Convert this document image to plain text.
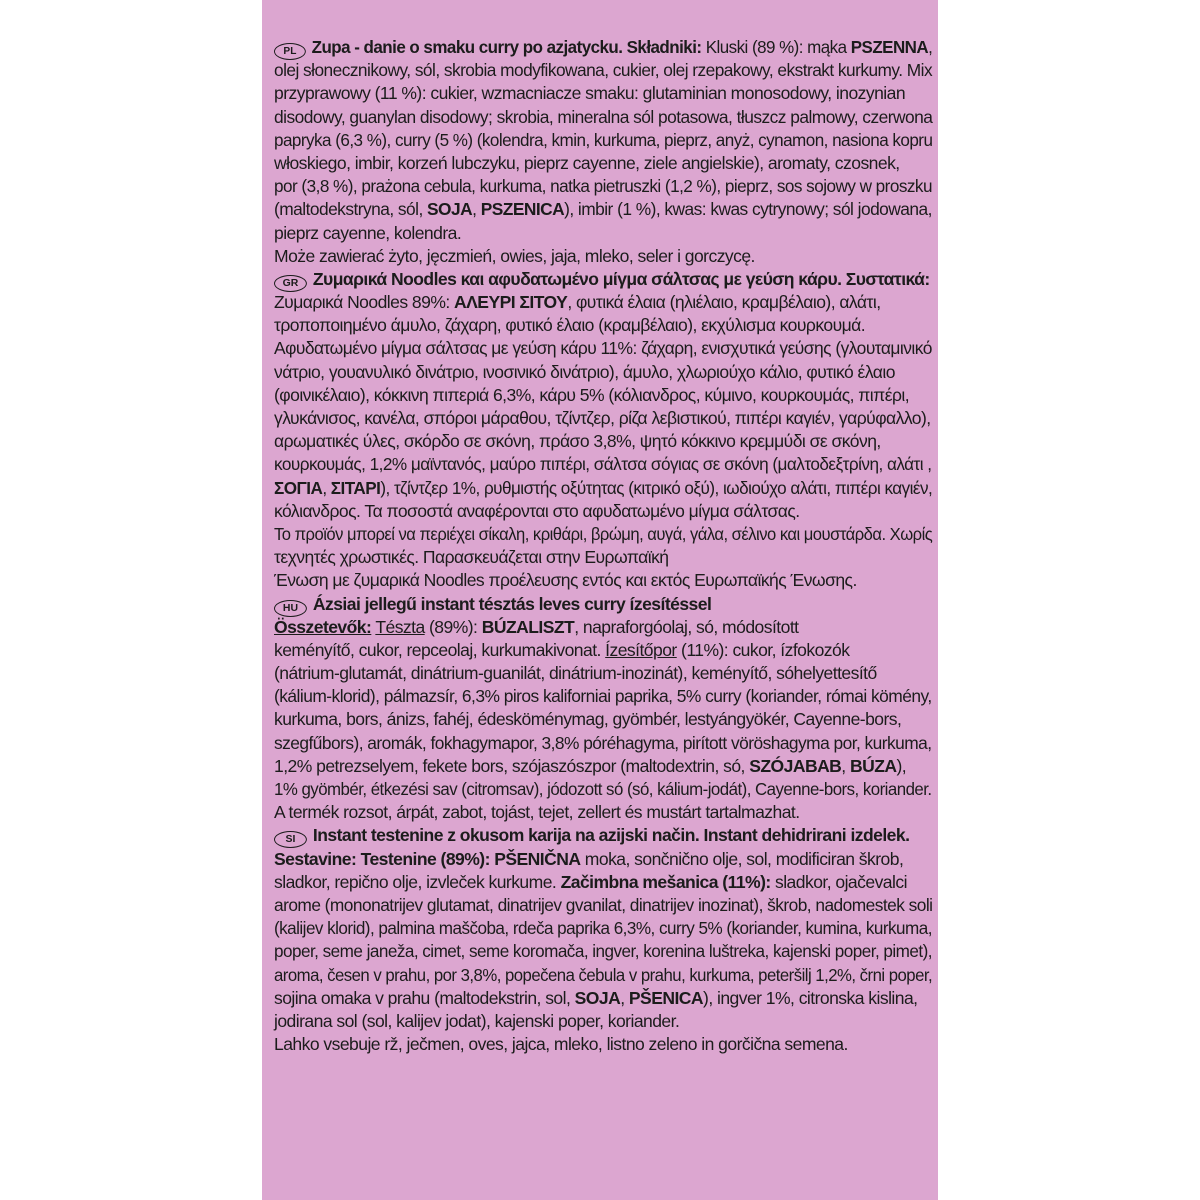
PL Zupa - danie o smaku curry po azjatycku. Składniki: Kluski (89 %): mąka PSZENNA,
olej słonecznikowy, sól, skrobia modyfikowana, cukier, olej rzepakowy, ekstrakt kurkumy. Mix
przyprawowy (11 %): cukier, wzmacniacze smaku: glutaminian monosodowy, inozynian
disodowy, guanylan disodowy; skrobia, mineralna sól potasowa, tłuszcz palmowy, czerwona
papryka (6,3 %), curry (5 %) (kolendra, kmin, kurkuma, pieprz, anyż, cynamon, nasiona kopru
włoskiego, imbir, korzeń lubczyku, pieprz cayenne, ziele angielskie), aromaty, czosnek,
por (3,8 %), prażona cebula, kurkuma, natka pietruszki (1,2 %), pieprz, sos sojowy w proszku
(maltodekstryna, sól, SOJA, PSZENICA), imbir (1 %), kwas: kwas cytrynowy; sól jodowana,
pieprz cayenne, kolendra.
Może zawierać żyto, jęczmień, owies, jaja, mleko, seler i gorczycę.
GR Ζυμαρικά Noodles και αφυδατωμένο μίγμα σάλτσας με γεύση κάρυ. Συστατικά:
Ζυμαρικά Noodles 89%: ΑΛΕΥΡΙ ΣΙΤΟΥ, φυτικά έλαια (ηλιέλαιο, κραμβέλαιο), αλάτι,
τροποποιημένο άμυλο, ζάχαρη, φυτικό έλαιο (κραμβέλαιο), εκχύλισμα κουρκουμά.
Αφυδατωμένο μίγμα σάλτσας με γεύση κάρυ 11%: ζάχαρη, ενισχυτικά γεύσης (γλουταμινικό
νάτριο, γουανυλικό δινάτριο, ινοσινικό δινάτριο), άμυλο, χλωριούχο κάλιο, φυτικό έλαιο
(φοινικέλαιο), κόκκινη πιπεριά 6,3%, κάρυ 5% (κόλιανδρος, κύμινο, κουρκουμάς, πιπέρι,
γλυκάνισος, κανέλα, σπόροι μάραθου, τζίντζερ, ρίζα λεβιστικού, πιπέρι καγιέν, γαρύφαλλο),
αρωματικές ύλες, σκόρδο σε σκόνη, πράσο 3,8%, ψητό κόκκινο κρεμμύδι σε σκόνη,
κουρκουμάς, 1,2% μαϊντανός, μαύρο πιπέρι, σάλτσα σόγιας σε σκόνη (μαλτοδεξτρίνη, αλάτι ,
ΣΟΓΙΑ, ΣΙΤΑΡΙ), τζίντζερ 1%, ρυθμιστής οξύτητας (κιτρικό οξύ), ιωδιούχο αλάτι, πιπέρι καγιέν,
κόλιανδρος. Τα ποσοστά αναφέρονται στο αφυδατωμένο μίγμα σάλτσας.
Το προϊόν μπορεί να περιέχει σίκαλη, κριθάρι, βρώμη, αυγά, γάλα, σέλινο και μουστάρδα. Χωρίς
τεχνητές χρωστικές. Παρασκευάζεται στην Ευρωπαϊκή
Ένωση με ζυμαρικά Noodles προέλευσης εντός και εκτός Ευρωπαϊκής Ένωσης.
HU Ázsiai jellegű instant tésztás leves curry ízesítéssel
Összetevők: Tészta (89%): BÚZALISZT, napraforgóolaj, só, módosított
keményítő, cukor, repceolaj, kurkumakivonat. Ízesítőpor (11%): cukor, ízfokozók
(nátrium-glutamát, dinátrium-guanilát, dinátrium-inozinát), keményítő, sóhelyettesítő
(kálium-klorid), pálmazsír, 6,3% piros kaliforniai paprika, 5% curry (koriander, római kömény,
kurkuma, bors, ánizs, fahéj, édesköménymag, gyömbér, lestyángyökér, Cayenne-bors,
szegfűbors), aromák, fokhagymapor, 3,8% póréhagyma, pirított vöröshagyma por, kurkuma,
1,2% petrezselyem, fekete bors, szójaszószpor (maltodextrin, só, SZÓJABAB, BÚZA),
1% gyömbér, étkezési sav (citromsav), jódozott só (só, kálium-jodát), Cayenne-bors, koriander.
A termék rozsot, árpát, zabot, tojást, tejet, zellert és mustárt tartalmazhat.
SI Instant testenine z okusom karija na azijski način. Instant dehidrirani izdelek.
Sestavine: Testenine (89%): PŠENIČNA moka, sončnično olje, sol, modificiran škrob,
sladkor, repično olje, izvleček kurkume. Začimbna mešanica (11%): sladkor, ojačevalci
arome (mononatrijev glutamat, dinatrijev gvanilat, dinatrijev inozinat), škrob, nadomestek soli
(kalijev klorid), palmina maščoba, rdeča paprika 6,3%, curry 5% (koriander, kumina, kurkuma,
poper, seme janeža, cimet, seme koromača, ingver, korenina luštreka, kajenski poper, pimet),
aroma, česen v prahu, por 3,8%, popečena čebula v prahu, kurkuma, peteršilj 1,2%, črni poper,
sojina omaka v prahu (maltodekstrin, sol, SOJA, PŠENICA), ingver 1%, citronska kislina,
jodirana sol (sol, kalijev jodat), kajenski poper, koriander.
Lahko vsebuje rž, ječmen, oves, jajca, mleko, listno zeleno in gorčična semena.
